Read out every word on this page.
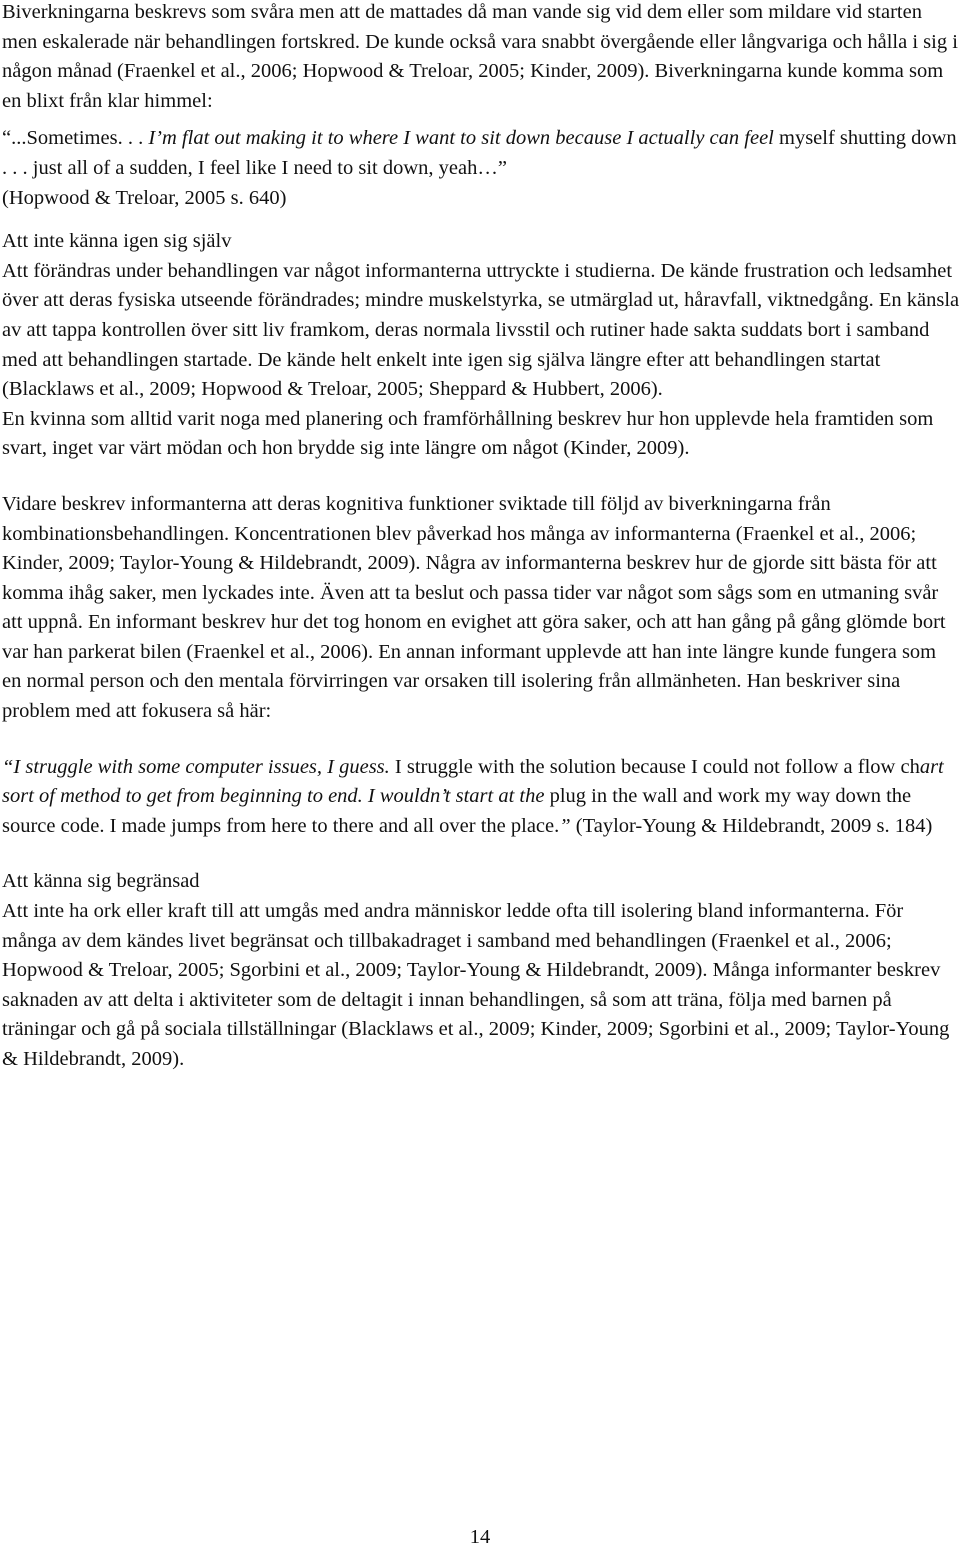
Biverkningarna beskrevs som svåra men att de mattades då man vande sig vid dem eller som mildare vid starten men eskalerade när behandlingen fortskred. De kunde också vara snabbt övergående eller långvariga och hålla i sig i någon månad (Fraenkel et al., 2006; Hopwood & Treloar, 2005; Kinder, 2009). Biverkningarna kunde komma som en blixt från klar himmel:

“...Sometimes. . . I’m flat out making it to where I want to sit down because I actually can feel myself shutting down . . . just all of a sudden, I feel like I need to sit down, yeah…”
(Hopwood & Treloar, 2005 s. 640)

Att inte känna igen sig själv

Att förändras under behandlingen var något informanterna uttryckte i studierna. De kände frustration och ledsamhet över att deras fysiska utseende förändrades; mindre muskelstyrka, se utmärglad ut, håravfall, viktnedgång. En känsla av att tappa kontrollen över sitt liv framkom, deras normala livsstil och rutiner hade sakta suddats bort i samband med att behandlingen startade. De kände helt enkelt inte igen sig själva längre efter att behandlingen startat (Blacklaws et al., 2009; Hopwood & Treloar, 2005; Sheppard & Hubbert, 2006).

En kvinna som alltid varit noga med planering och framförhållning beskrev hur hon upplevde hela framtiden som svart, inget var värt mödan och hon brydde sig inte längre om något (Kinder, 2009).

Vidare beskrev informanterna att deras kognitiva funktioner sviktade till följd av biverkningarna från kombinationsbehandlingen. Koncentrationen blev påverkad hos många av informanterna (Fraenkel et al., 2006; Kinder, 2009; Taylor-Young & Hildebrandt, 2009). Några av informanterna beskrev hur de gjorde sitt bästa för att komma ihåg saker, men lyckades inte. Även att ta beslut och passa tider var något som sågs som en utmaning svår att uppnå. En informant beskrev hur det tog honom en evighet att göra saker, och att han gång på gång glömde bort var han parkerat bilen (Fraenkel et al., 2006). En annan informant upplevde att han inte längre kunde fungera som en normal person och den mentala förvirringen var orsaken till isolering från allmänheten. Han beskriver sina problem med att fokusera så här:

“I struggle with some computer issues, I guess. I struggle with the solution because I could not follow a flow chart sort of method to get from beginning to end. I wouldn’t start at the plug in the wall and work my way down the source code. I made jumps from here to there and all over the place.” (Taylor-Young & Hildebrandt, 2009 s. 184)

Att känna sig begränsad

Att inte ha ork eller kraft till att umgås med andra människor ledde ofta till isolering bland informanterna. För många av dem kändes livet begränsat och tillbakadraget i samband med behandlingen (Fraenkel et al., 2006; Hopwood & Treloar, 2005; Sgorbini et al., 2009; Taylor-Young & Hildebrandt, 2009). Många informanter beskrev saknaden av att delta i aktiviteter som de deltagit i innan behandlingen, så som att träna, följa med barnen på träningar och gå på sociala tillställningar (Blacklaws et al., 2009; Kinder, 2009; Sgorbini et al., 2009; Taylor-Young & Hildebrandt, 2009).

14
